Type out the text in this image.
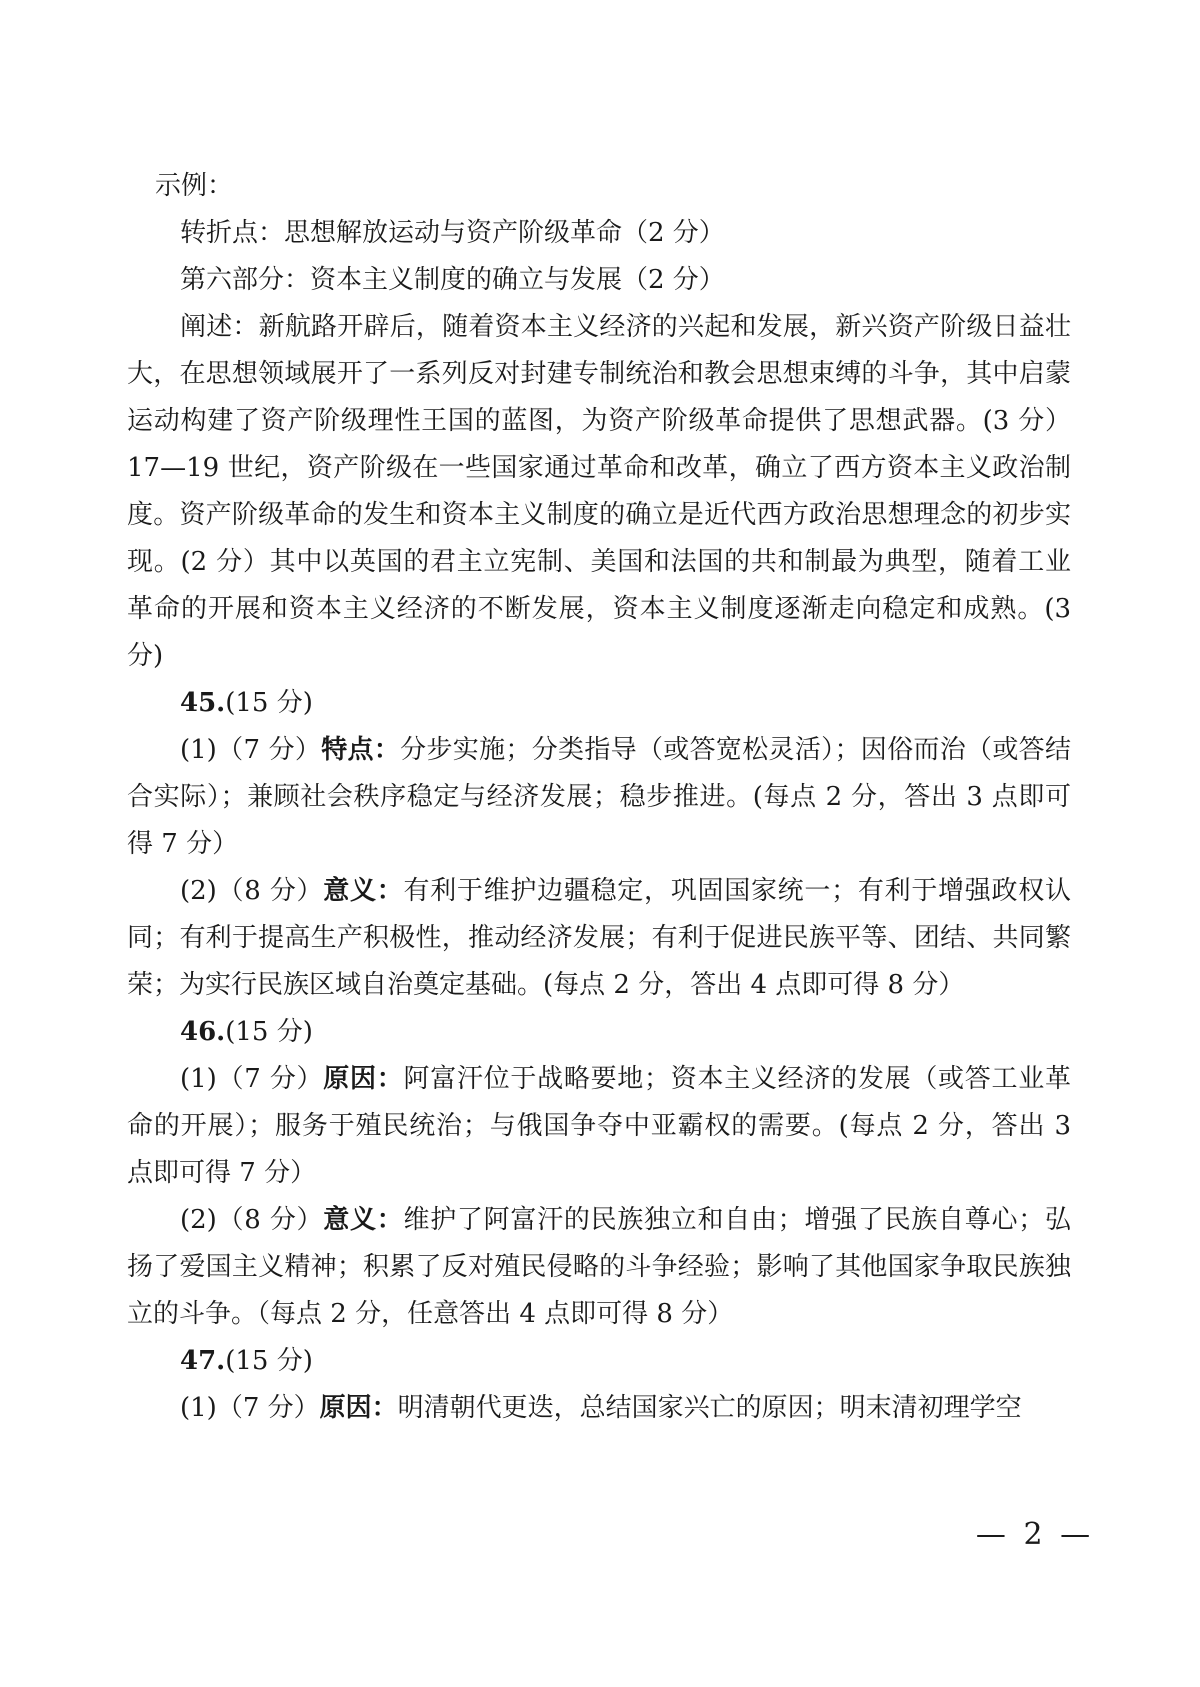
示例：

转折点：思想解放运动与资产阶级革命（2 分）

第六部分：资本主义制度的确立与发展（2 分）

阐述：新航路开辟后，随着资本主义经济的兴起和发展，新兴资产阶级日益壮大，在思想领域展开了一系列反对封建专制统治和教会思想束缚的斗争，其中启蒙运动构建了资产阶级理性王国的蓝图，为资产阶级革命提供了思想武器。(3 分）17—19 世纪，资产阶级在一些国家通过革命和改革，确立了西方资本主义政治制度。资产阶级革命的发生和资本主义制度的确立是近代西方政治思想理念的初步实现。(2 分）其中以英国的君主立宪制、美国和法国的共和制最为典型，随着工业革命的开展和资本主义经济的不断发展，资本主义制度逐渐走向稳定和成熟。(3 分)

45.(15 分)

(1)（7 分）特点：分步实施；分类指导（或答宽松灵活）；因俗而治（或答结合实际）；兼顾社会秩序稳定与经济发展；稳步推进。(每点 2 分，答出 3 点即可得 7 分）

(2)（8 分）意义：有利于维护边疆稳定，巩固国家统一；有利于增强政权认同；有利于提高生产积极性，推动经济发展；有利于促进民族平等、团结、共同繁荣；为实行民族区域自治奠定基础。(每点 2 分，答出 4 点即可得 8 分）

46.(15 分)

(1)（7 分）原因：阿富汗位于战略要地；资本主义经济的发展（或答工业革命的开展）；服务于殖民统治；与俄国争夺中亚霸权的需要。(每点 2 分，答出 3 点即可得 7 分）

(2)（8 分）意义：维护了阿富汗的民族独立和自由；增强了民族自尊心；弘扬了爱国主义精神；积累了反对殖民侵略的斗争经验；影响了其他国家争取民族独立的斗争。（每点 2 分，任意答出 4 点即可得 8 分）

47.(15 分)

(1)（7 分）原因：明清朝代更迭，总结国家兴亡的原因；明末清初理学空

— 2 —
